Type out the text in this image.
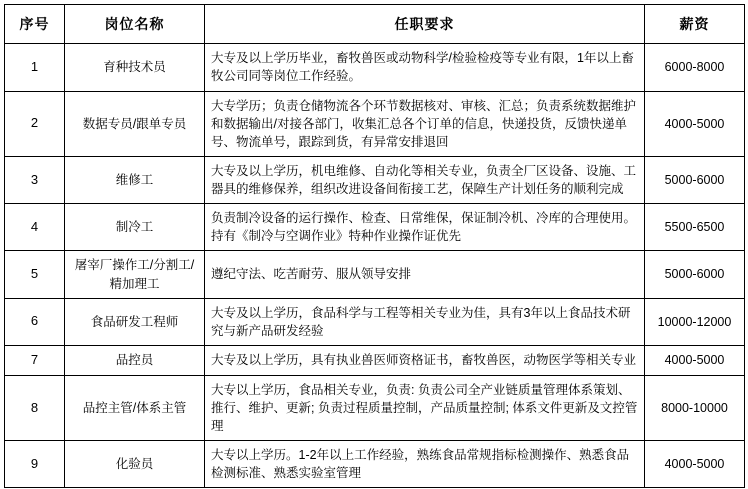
序号	岗位名称	任职要求	薪资
1	育种技术员	大专及以上学历毕业，畜牧兽医或动物科学/检验检疫等专业有限，1年以上畜牧公司同等岗位工作经验。	6000-8000
2	数据专员/跟单专员	大专学历；负责仓储物流各个环节数据核对、审核、汇总；负责系统数据维护和数据输出/对接各部门，收集汇总各个订单的信息，快递投货，反馈快递单号、物流单号，跟踪到货，有异常安排退回	4000-5000
3	维修工	大专及以上学历，机电维修、自动化等相关专业，负责全厂区设备、设施、工器具的维修保养，组织改进设备间衔接工艺，保障生产计划任务的顺利完成	5000-6000
4	制冷工	负责制冷设备的运行操作、检查、日常维保，保证制冷机、冷库的合理使用。持有《制冷与空调作业》特种作业操作证优先	5500-6500
5	屠宰厂操作工/分割工/精加理工	遵纪守法、吃苦耐劳、服从领导安排	5000-6000
6	食品研发工程师	大专及以上学历，食品科学与工程等相关专业为佳，具有3年以上食品技术研究与新产品研发经验	10000-12000
7	品控员	大专及以上学历，具有执业兽医师资格证书，畜牧兽医，动物医学等相关专业	4000-5000
8	品控主管/体系主管	大专以上学历，食品相关专业，负责: 负责公司全产业链质量管理体系策划、推行、维护、更新; 负责过程质量控制，产品质量控制; 体系文件更新及文控管理	8000-10000
9	化验员	大专以上学历。1-2年以上工作经验，熟练食品常规指标检测操作、熟悉食品检测标准、熟悉实验室管理	4000-5000
